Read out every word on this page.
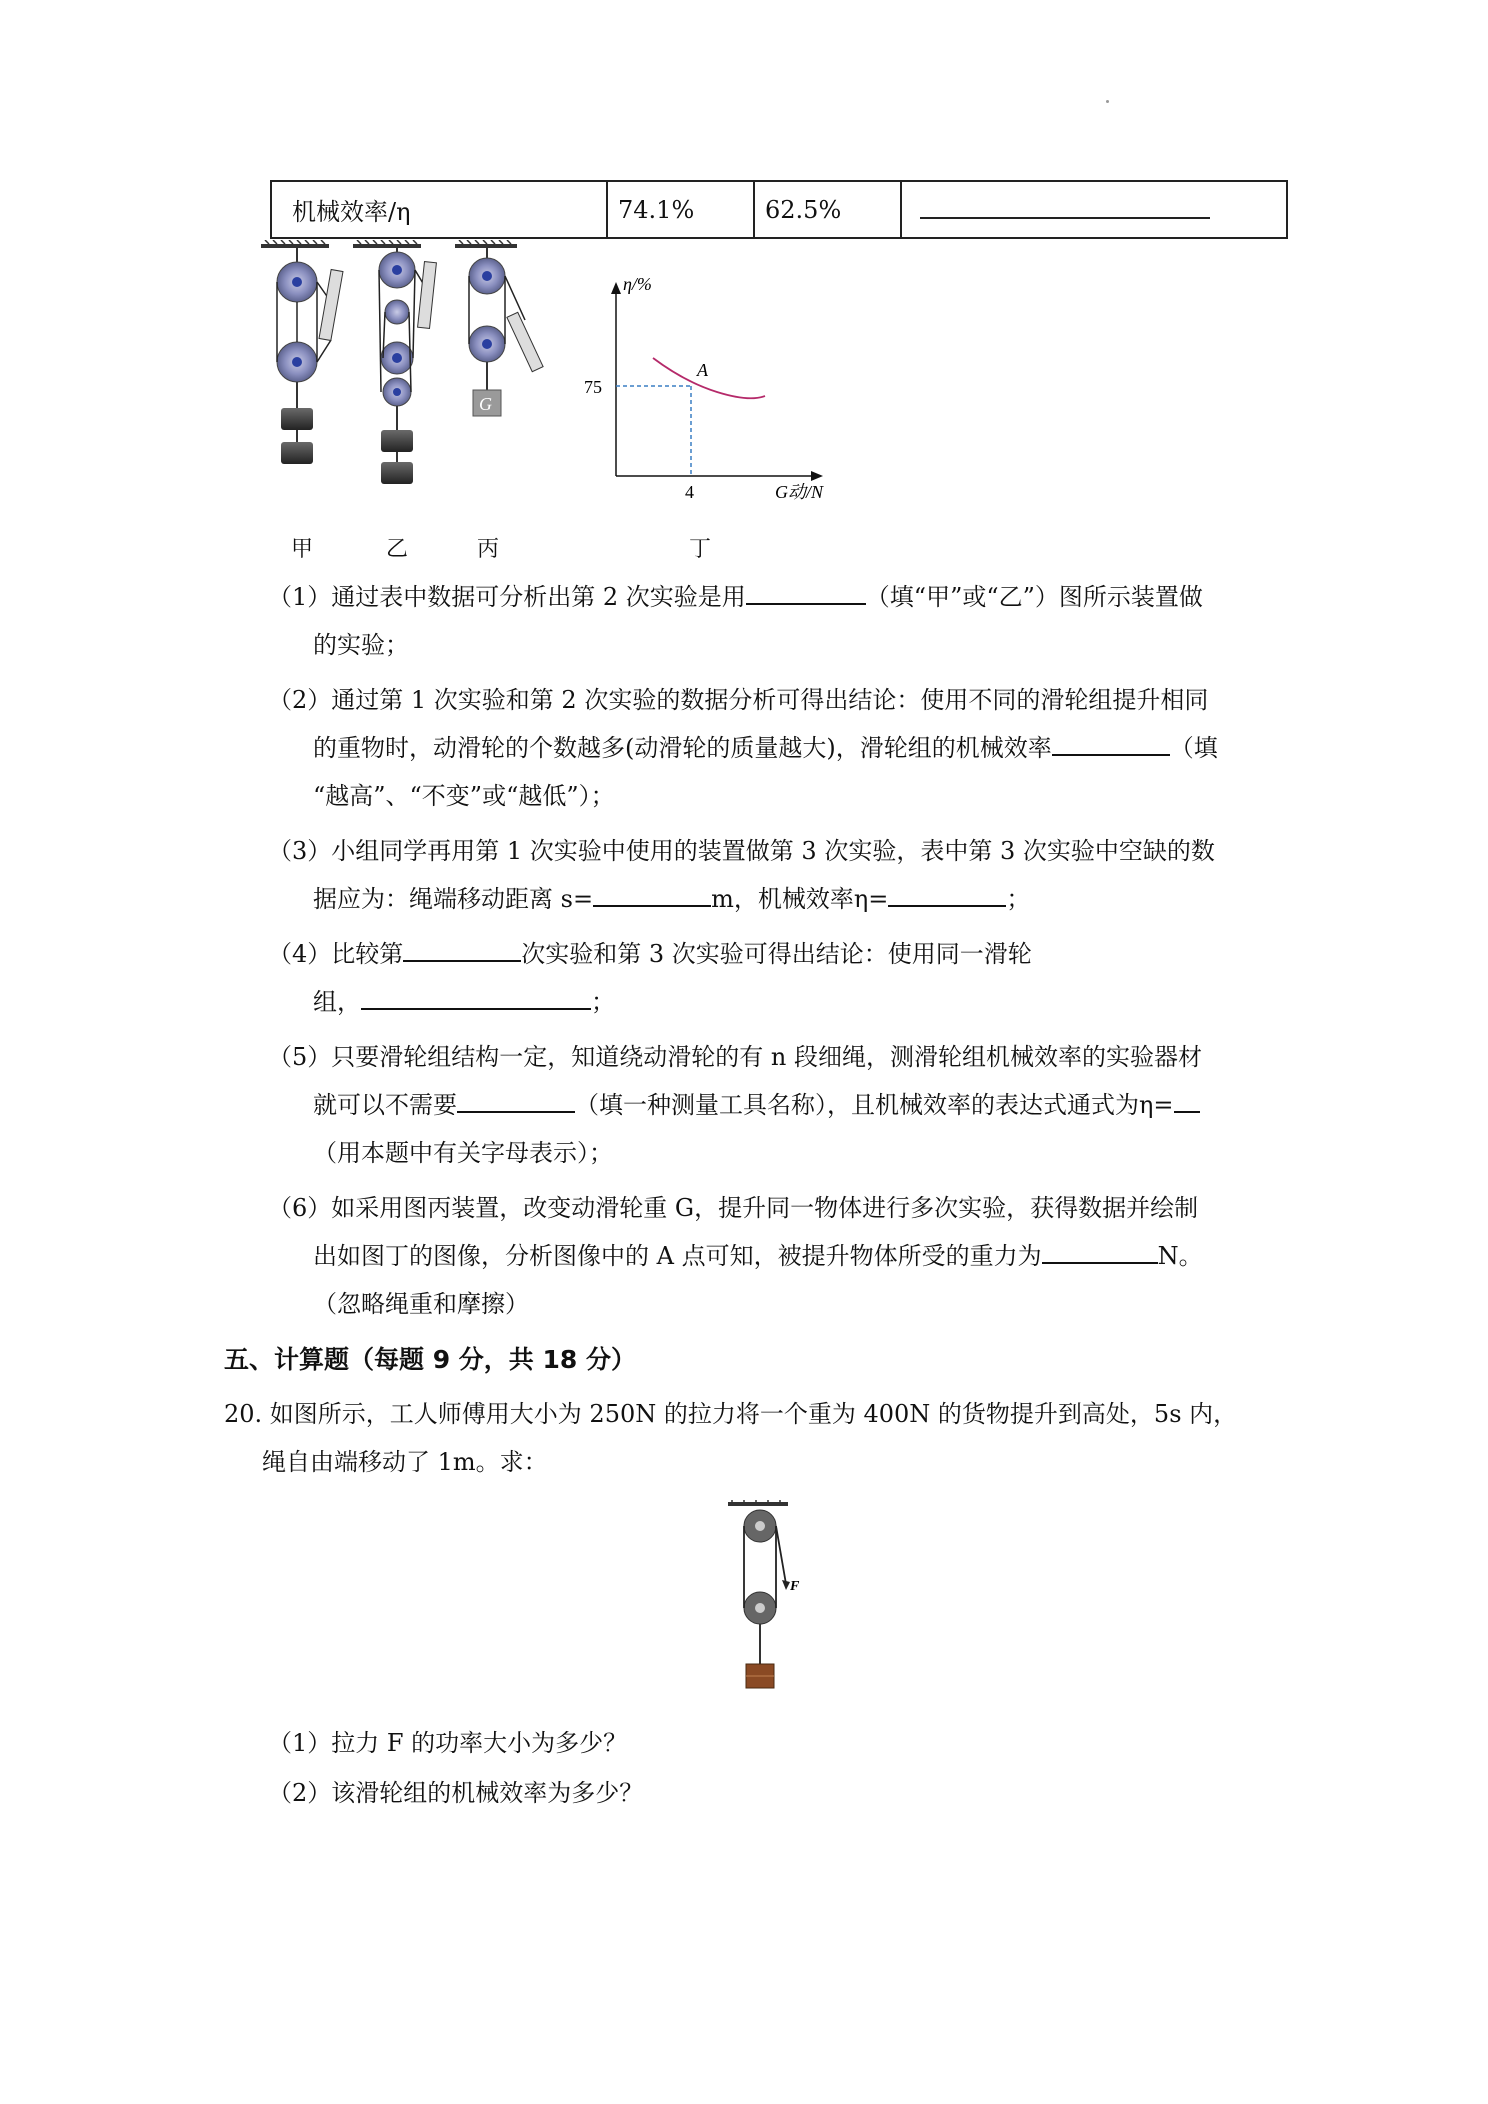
机械效率/η	74.1%	62.5%	
G
η/%
75
4	G动/N
A
甲	乙	丙	丁
（1）通过表中数据可分析出第 2 次实验是用	（填“甲”或“乙”）图所示装置做
的实验；
（2）通过第 1 次实验和第 2 次实验的数据分析可得出结论：使用不同的滑轮组提升相同
的重物时，动滑轮的个数越多(动滑轮的质量越大)，滑轮组的机械效率	（填
“越高”、“不变”或“越低”）；
（3）小组同学再用第 1 次实验中使用的装置做第 3 次实验，表中第 3 次实验中空缺的数
据应为：绳端移动距离 s=	m，机械效率η=	；
（4）比较第	次实验和第 3 次实验可得出结论：使用同一滑轮
组，	；
（5）只要滑轮组结构一定，知道绕动滑轮的有 n 段细绳，测滑轮组机械效率的实验器材
就可以不需要	（填一种测量工具名称），且机械效率的表达式通式为η=
（用本题中有关字母表示）；
（6）如采用图丙装置，改变动滑轮重 G，提升同一物体进行多次实验，获得数据并绘制
出如图丁的图像，分析图像中的 A 点可知，被提升物体所受的重力为	N。
（忽略绳重和摩擦）
五、计算题（每题 9 分，共 18 分）
20. 如图所示，工人师傅用大小为 250N 的拉力将一个重为 400N 的货物提升到高处，5s 内，
绳自由端移动了 1m。求：
F
（1）拉力 F 的功率大小为多少？
（2）该滑轮组的机械效率为多少？
